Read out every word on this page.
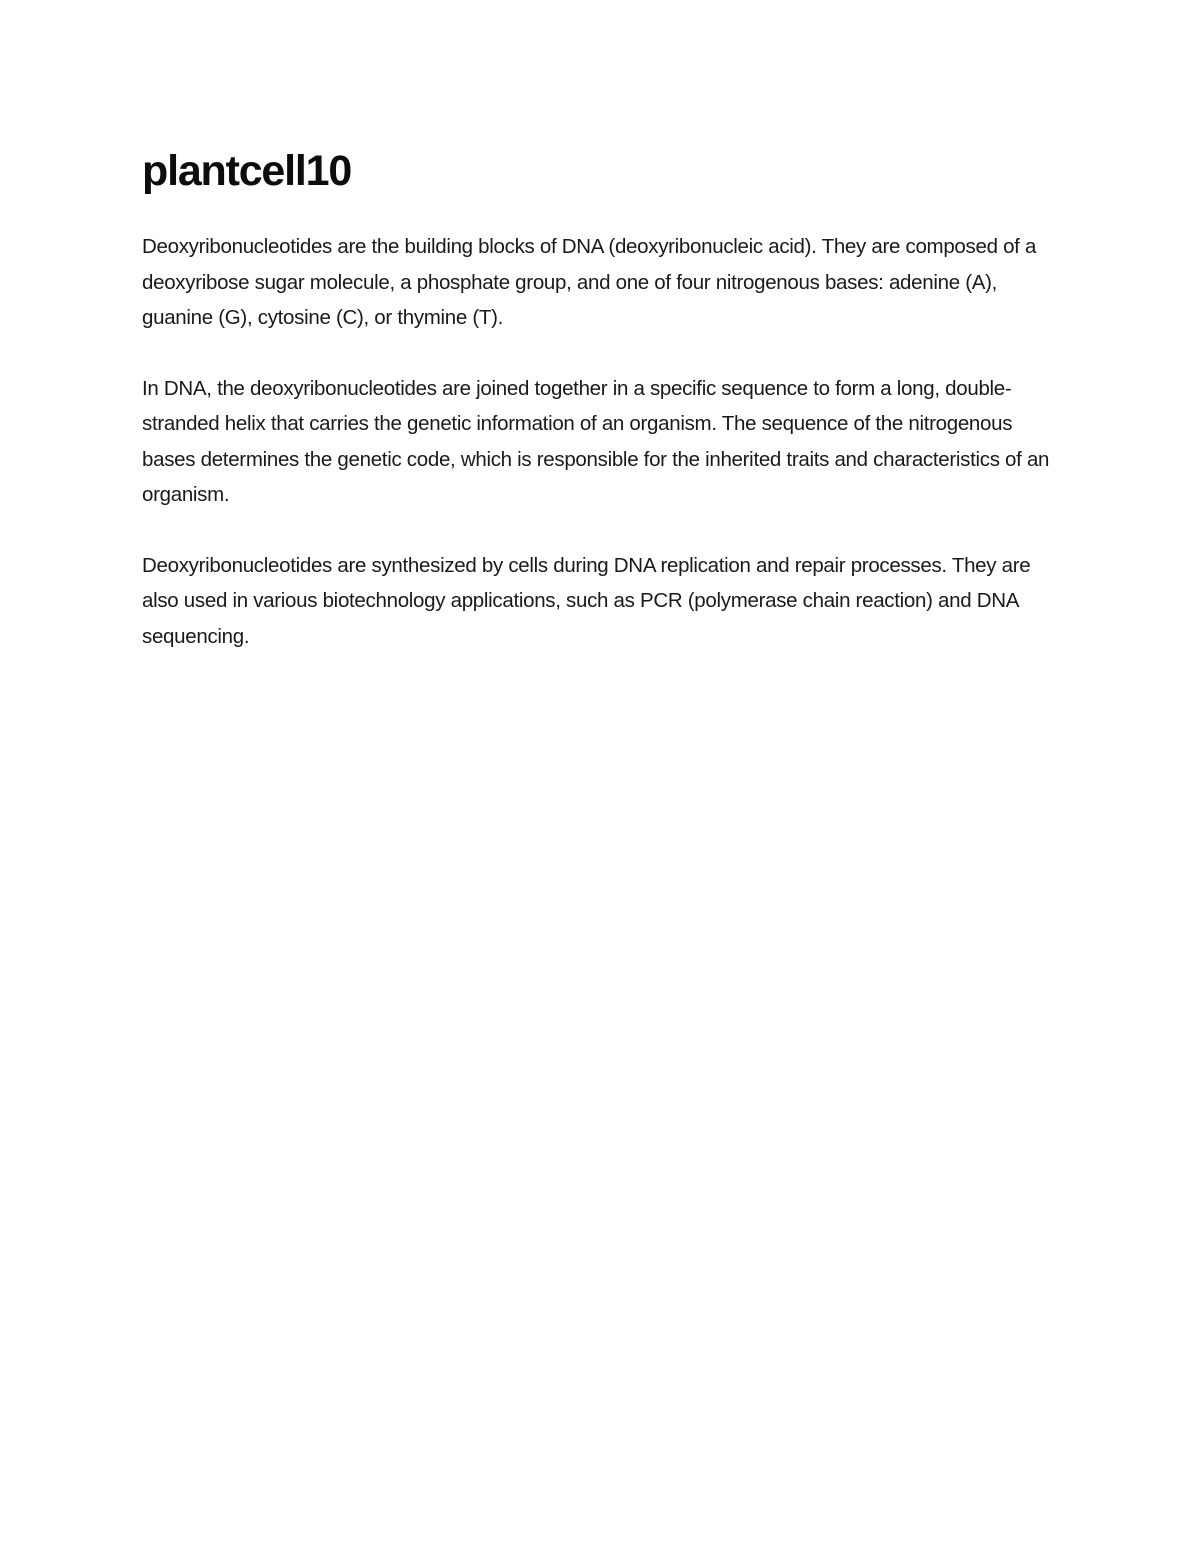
plantcell10

Deoxyribonucleotides are the building blocks of DNA (deoxyribonucleic acid). They are composed of a deoxyribose sugar molecule, a phosphate group, and one of four nitrogenous bases: adenine (A), guanine (G), cytosine (C), or thymine (T).

In DNA, the deoxyribonucleotides are joined together in a specific sequence to form a long, double-stranded helix that carries the genetic information of an organism. The sequence of the nitrogenous bases determines the genetic code, which is responsible for the inherited traits and characteristics of an organism.

Deoxyribonucleotides are synthesized by cells during DNA replication and repair processes. They are also used in various biotechnology applications, such as PCR (polymerase chain reaction) and DNA sequencing.
